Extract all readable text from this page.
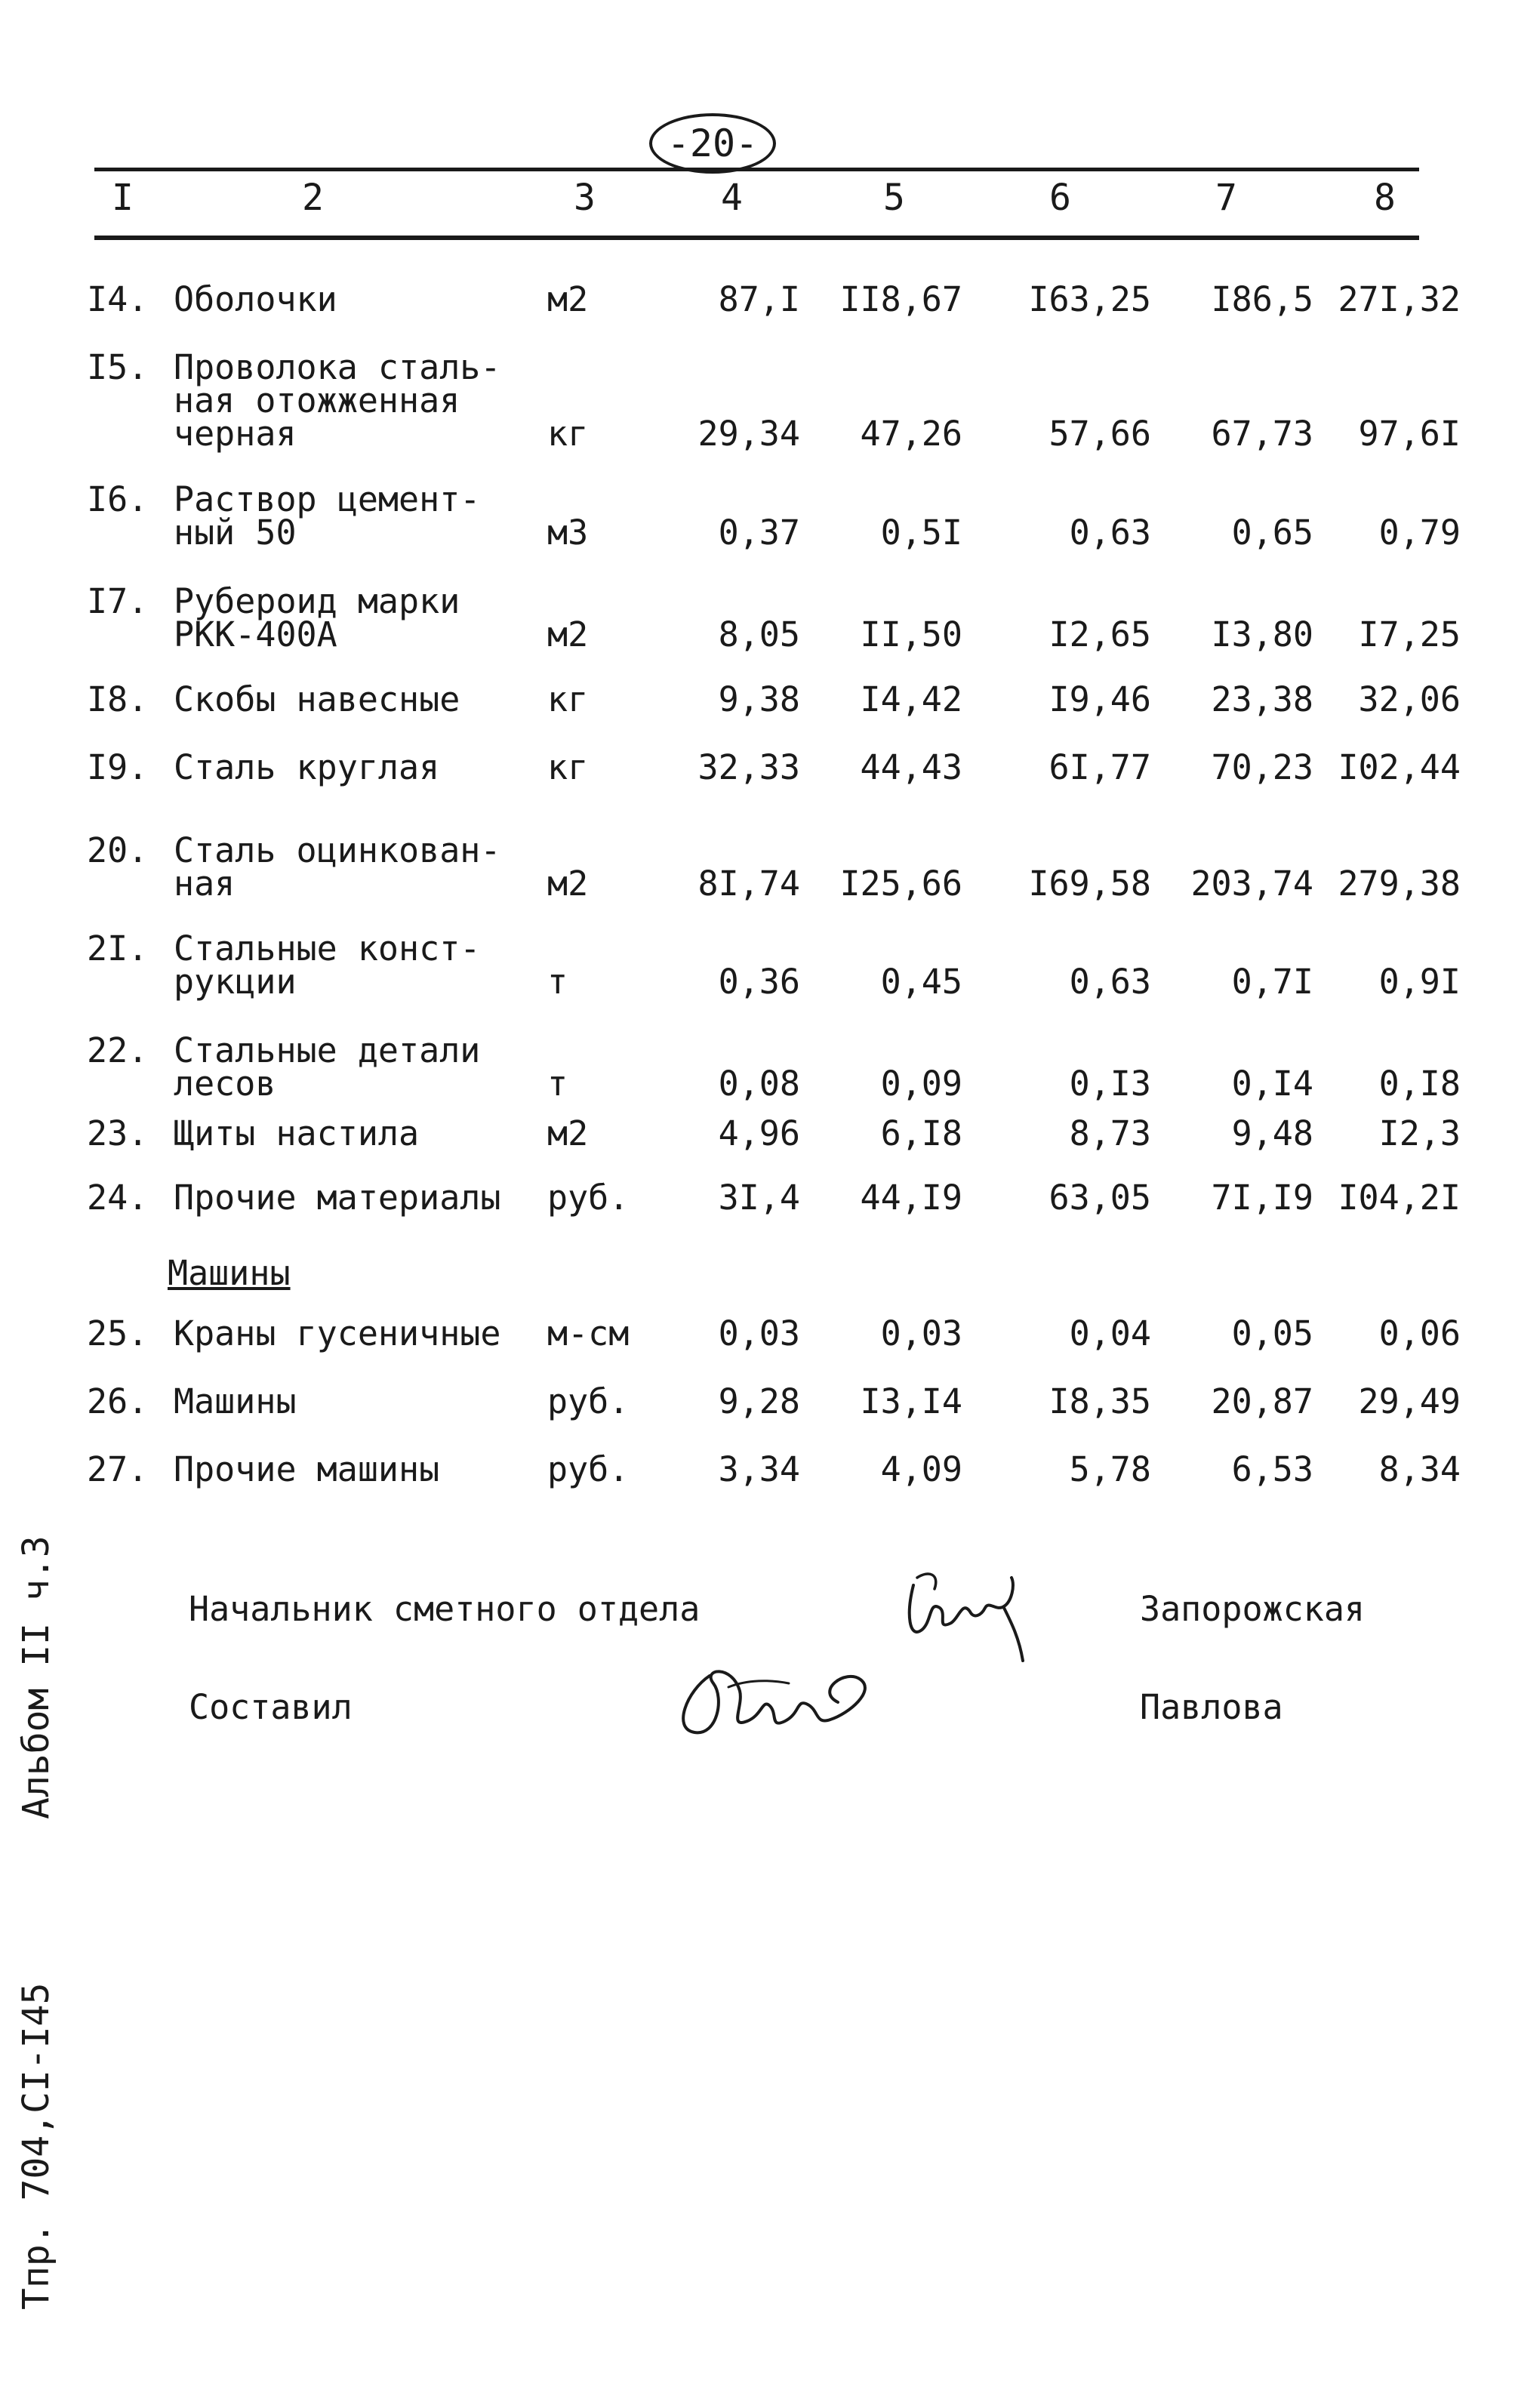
-20-
I	2	3	4	5	6	7	8
I4. Оболочки	м2	87,I	II8,67	I63,25	I86,5 27I,32
I5. Проволока сталь-
ная отожженная
черная	кг	29,34	47,26	57,66	67,73	97,6I
I6. Раствор цемент-
ный 50	м3	0,37	0,5I	0,63	0,65	0,79
I7. Рубероид марки
РКК-400А	м2	8,05	II,50	I2,65	I3,80	I7,25
I8. Скобы навесные	кг	9,38	I4,42	I9,46	23,38	32,06
I9. Сталь круглая	кг	32,33	44,43	6I,77	70,23 I02,44
20. Сталь оцинкован-
ная	м2	8I,74	I25,66	I69,58	203,74 279,38
2I. Стальные конст-
рукции	т	0,36	0,45	0,63	0,7I	0,9I
22. Стальные детали
лесов	т	0,08	0,09	0,I3	0,I4	0,I8
23. Щиты настила	м2	4,96	6,I8	8,73	9,48	I2,3
24. Прочие материалы руб.	3I,4	44,I9	63,05	7I,I9 I04,2I
25. Краны гусеничные м-см	0,03	0,03	0,04	0,05	0,06
26. Машины	руб.	9,28	I3,I4	I8,35	20,87	29,49
27. Прочие машины	руб.	3,34	4,09	5,78	6,53	8,34
Машины
Начальник сметного отдела	Запорожская
Составил	Павлова
Альбом II ч.3
Тпр. 704,CI-I45
